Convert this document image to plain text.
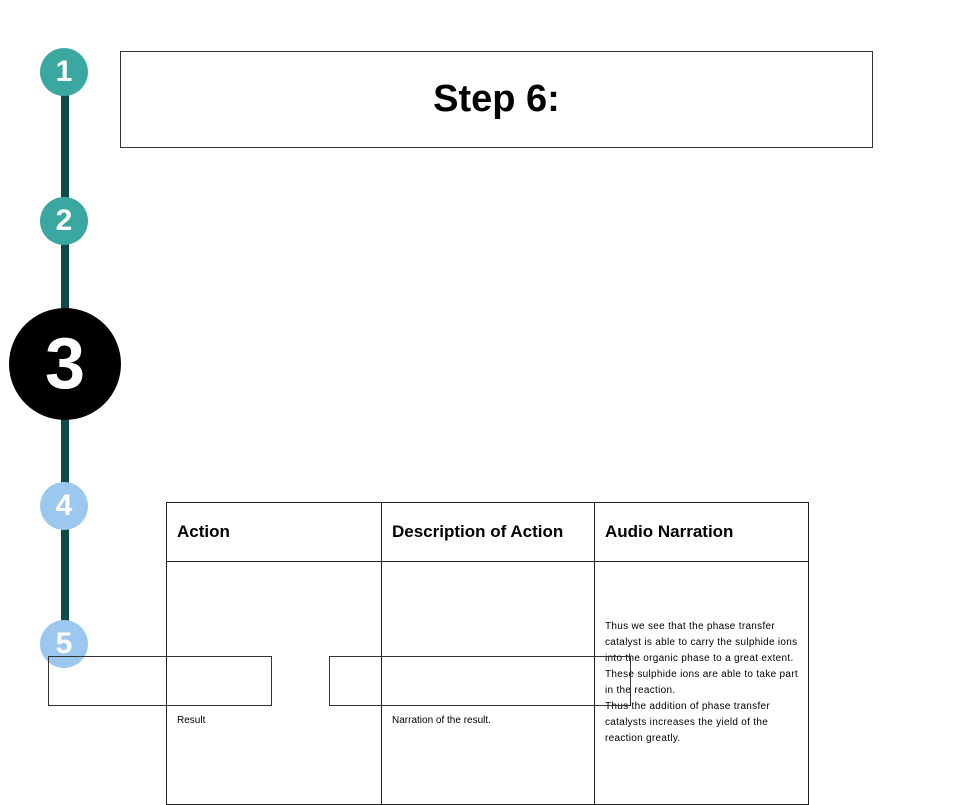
1
2
3
4
5
Step 6:
Action	Description of Action	Audio Narration
Result	Narration of the result.	Thus we see that the phase transfer catalyst is able to carry the sulphide ions into the organic phase to a great extent. These sulphide ions are able to take part in the reaction.
Thus the addition of phase transfer catalysts increases the yield of the reaction greatly.
